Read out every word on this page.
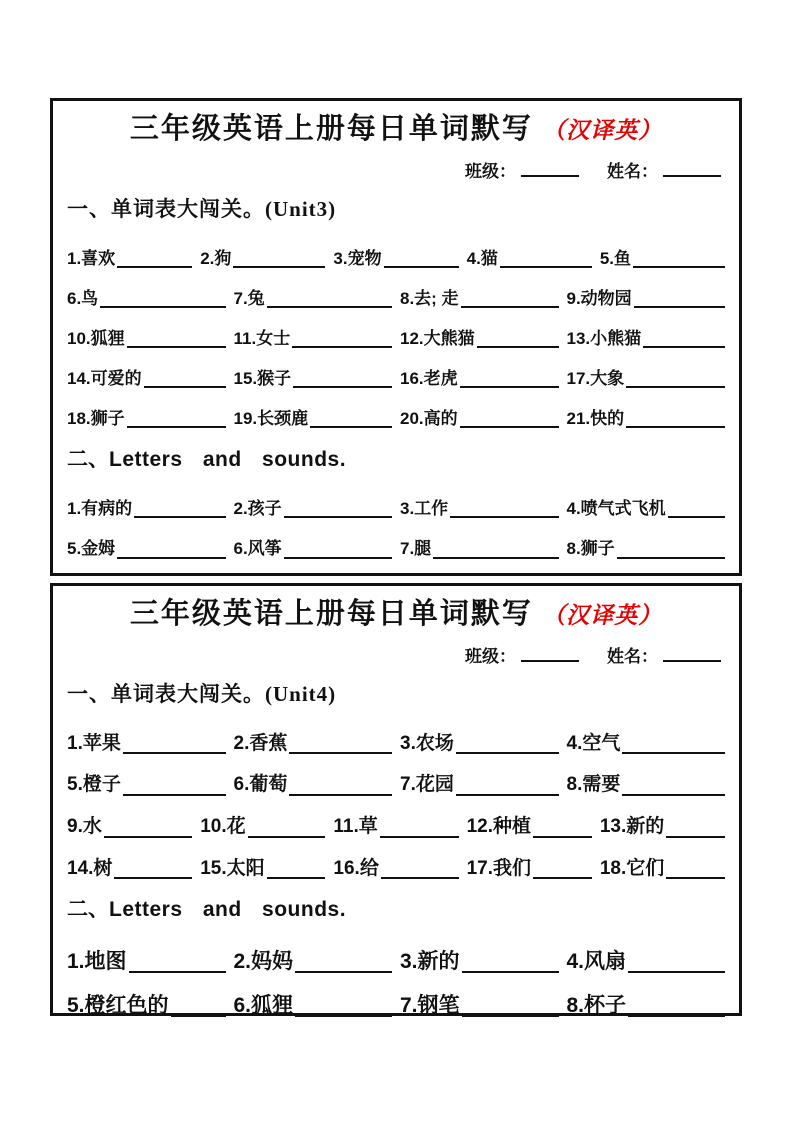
三年级英语上册每日单词默写 （汉译英）
班级：	姓名：
一、单词表大闯关。(Unit3)
1.喜欢	2.狗	3.宠物	4.猫	5.鱼
6.鸟	7.兔	8.去; 走	9.动物园
10.狐狸	11.女士	12.大熊猫	13.小熊猫
14.可爱的	15.猴子	16.老虎	17.大象
18.狮子	19.长颈鹿	20.高的	21.快的
二、Letters and sounds.
1.有病的	2.孩子	3.工作	4.喷气式飞机
5.金姆	6.风筝	7.腿	8.狮子
三年级英语上册每日单词默写 （汉译英）
班级：	姓名：
一、单词表大闯关。(Unit4)
1.苹果	2.香蕉	3.农场	4.空气
5.橙子	6.葡萄	7.花园	8.需要
9.水	10.花	11.草	12.种植	13.新的
14.树	15.太阳	16.给	17.我们	18.它们
二、Letters and sounds.
1.地图	2.妈妈	3.新的	4.风扇
5.橙红色的	6.狐狸	7.钢笔	8.杯子
